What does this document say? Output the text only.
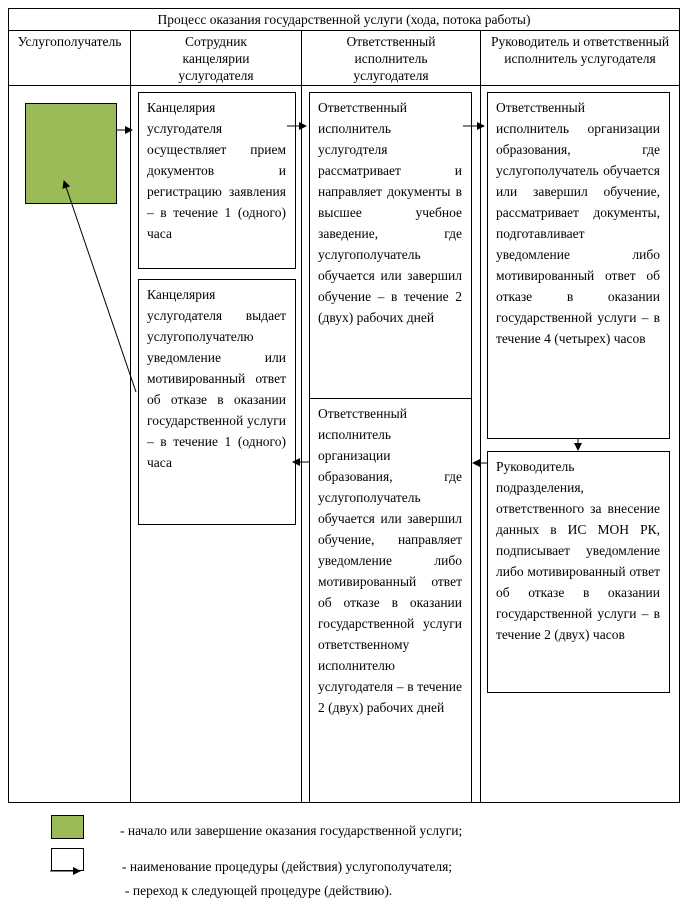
Процесс оказания государственной услуги (хода, потока работы)
Услугополучатель	Сотрудник канцелярии услугодателя
Ответственный исполнитель услугодателя
Руководитель и ответственный исполнитель услугодателя
Канцелярия услугодателя осуществляет прием документов и регистрацию заявления – в течение 1 (одного) часа
Канцелярия услугодателя выдает услугополучателю уведомление или мотивированный ответ об отказе в оказании государственной услуги – в течение 1 (одного) часа
Ответственный исполнитель услугодтеля рассматривает и направляет документы в высшее учебное заведение, где услугополучатель обучается или завершил обучение – в течение 2 (двух) рабочих дней
Ответственный исполнитель организации образования, где услугополучатель обучается или завершил обучение, направляет уведомление либо мотивированный ответ об отказе в оказании государственной услуги ответственному исполнителю услугодателя – в течение 2 (двух) рабочих дней
Ответственный исполнитель организации образования, где услугополучатель обучается или завершил обучение, рассматривает документы, подготавливает уведомление либо мотивированный ответ об отказе в оказании государственной услуги – в течение 4 (четырех) часов
Руководитель подразделения, ответственного за внесение данных в ИС МОН РК, подписывает уведомление либо мотивированный ответ об отказе в оказании государственной услуги – в течение 2 (двух) часов
- начало или завершение оказания государственной услуги;
- наименование процедуры (действия) услугополучателя;
- переход к следующей процедуре (действию).
